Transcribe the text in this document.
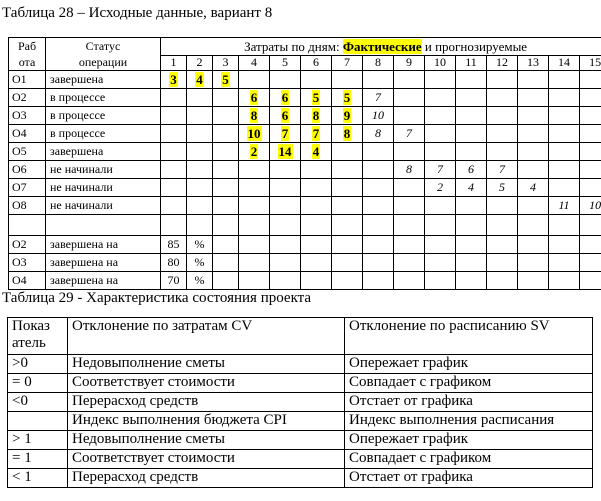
Таблица 28 – Исходные данные, вариант 8
Раб
ота	Статус
операции	Затраты по дням: Фактические и прогнозируемые														
		1	2	3	4	5	6	7	8	9	10	11	12	13	14	15
О1	завершена	3	4	5												
О2	в процессе				6	6	5	5	7							
О3	в процессе				8	6	8	9	10							
О4	в процессе				10	7	7	8	8	7						
О5	завершена				2	14	4									
О6	не начинали									8	7	6	7			
О7	не начинали										2	4	5	4		
О8	не начинали														11	10

О2	завершена на	85	%													
О3	завершена на	80	%													
О4	завершена на	70	%													
Таблица 29 - Характеристика состояния проекта
Показ
атель	Отклонение по затратам CV	Отклонение по расписанию SV
>0	Недовыполнение сметы	Опережает график
= 0	Соответствует стоимости	Совпадает с графиком
<0	Перерасход средств	Отстает от графика
	Индекс выполнения бюджета CPI	Индекс выполнения расписания
> 1	Недовыполнение сметы	Опережает график
= 1	Соответствует стоимости	Совпадает с графиком
< 1	Перерасход средств	Отстает от графика
